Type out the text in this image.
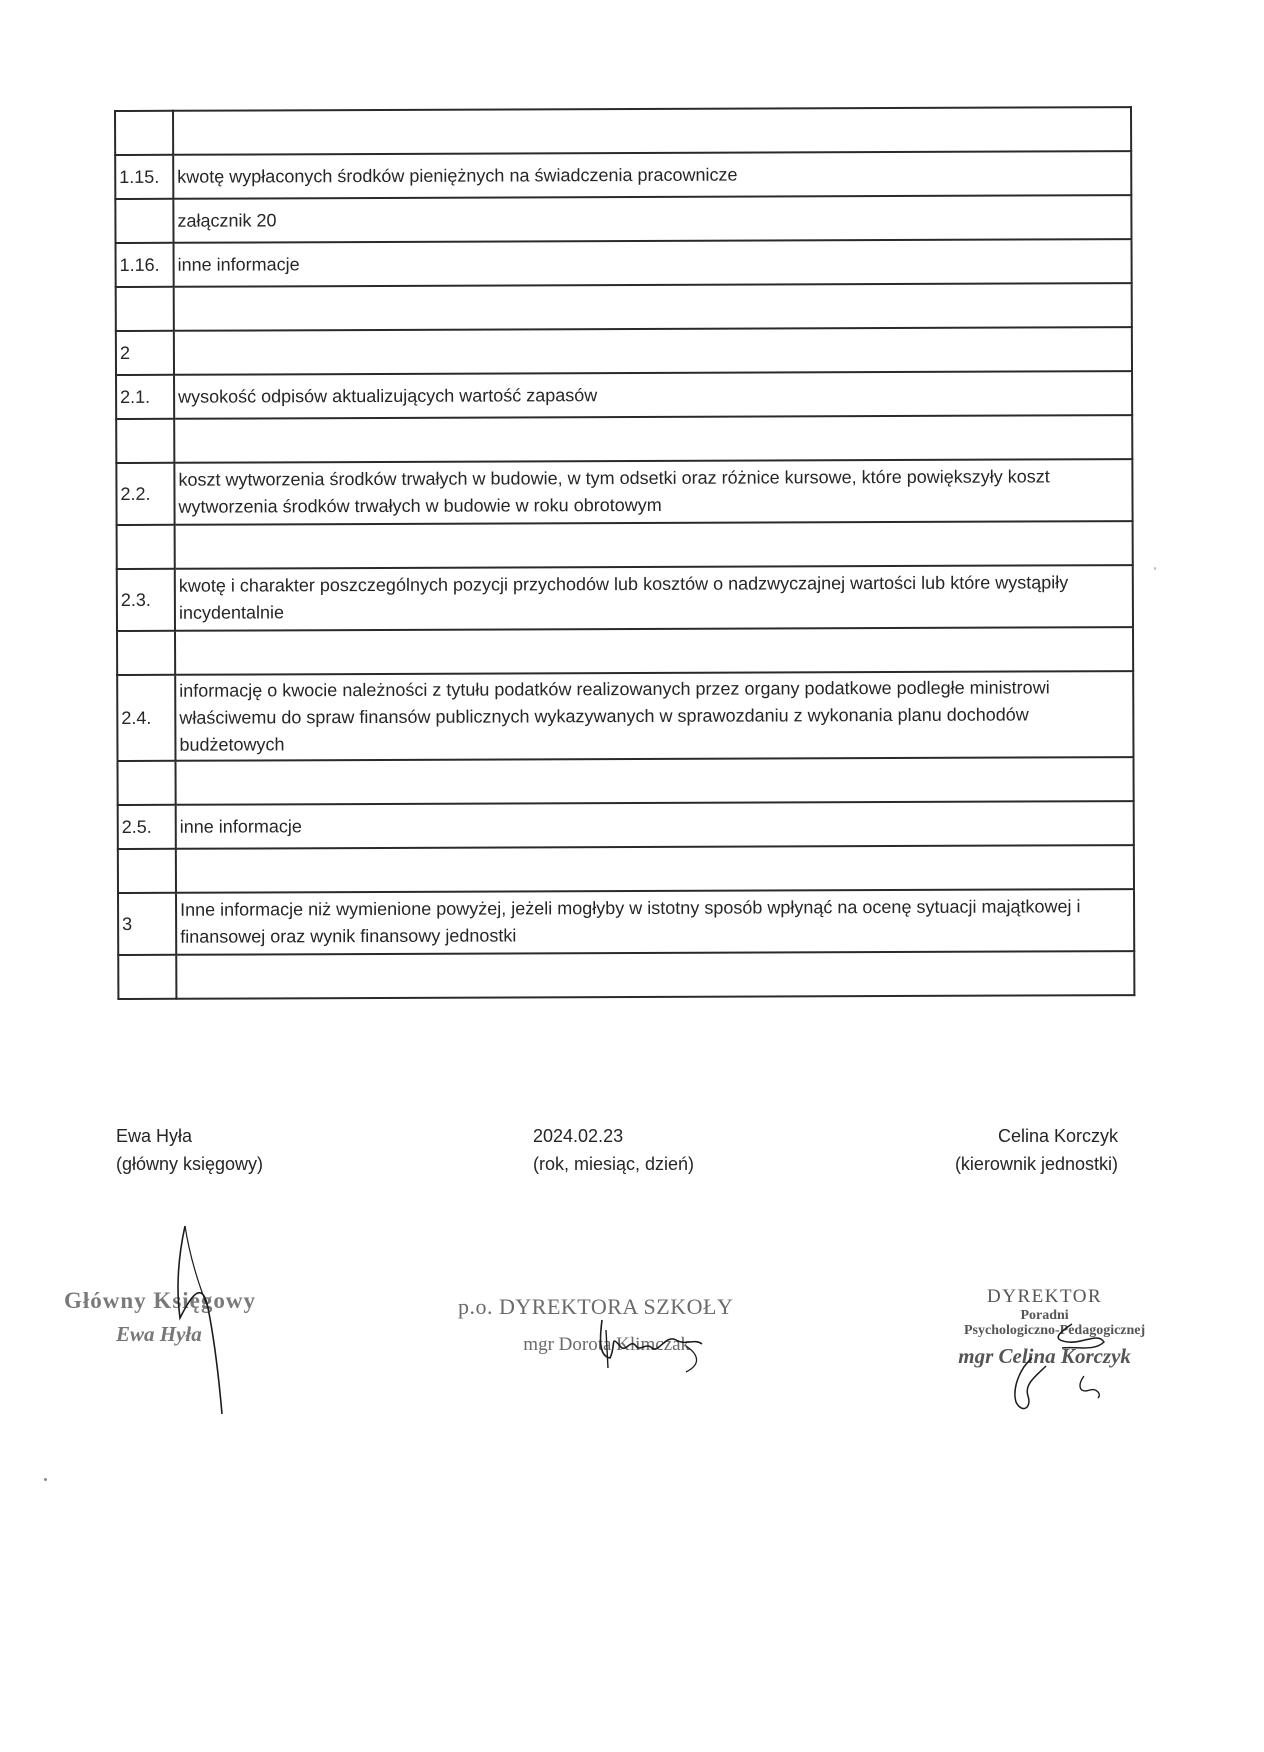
1.15.	kwotę wypłaconych środków pieniężnych na świadczenia pracownicze
	załącznik 20
1.16.	inne informacje

2	
2.1.	wysokość odpisów aktualizujących wartość zapasów

2.2.	koszt wytworzenia środków trwałych w budowie, w tym odsetki oraz różnice kursowe, które powiększyły koszt wytworzenia środków trwałych w budowie w roku obrotowym

2.3.	kwotę i charakter poszczególnych pozycji przychodów lub kosztów o nadzwyczajnej wartości lub które wystąpiły incydentalnie

2.4.	informację o kwocie należności z tytułu podatków realizowanych przez organy podatkowe podległe ministrowi właściwemu do spraw finansów publicznych wykazywanych w sprawozdaniu z wykonania planu dochodów budżetowych

2.5.	inne informacje

3	Inne informacje niż wymienione powyżej, jeżeli mogłyby w istotny sposób wpłynąć na ocenę sytuacji majątkowej i finansowej oraz wynik finansowy jednostki

Ewa Hyła
(główny księgowy)
2024.02.23
(rok, miesiąc, dzień)
Celina Korczyk
(kierownik jednostki)
Główny Księgowy
Ewa Hyła
p.o. DYREKTORA SZKOŁY
mgr Dorota Klimczak
DYREKTOR
Poradni
Psychologiczno-Pedagogicznej
mgr Celina Korczyk
